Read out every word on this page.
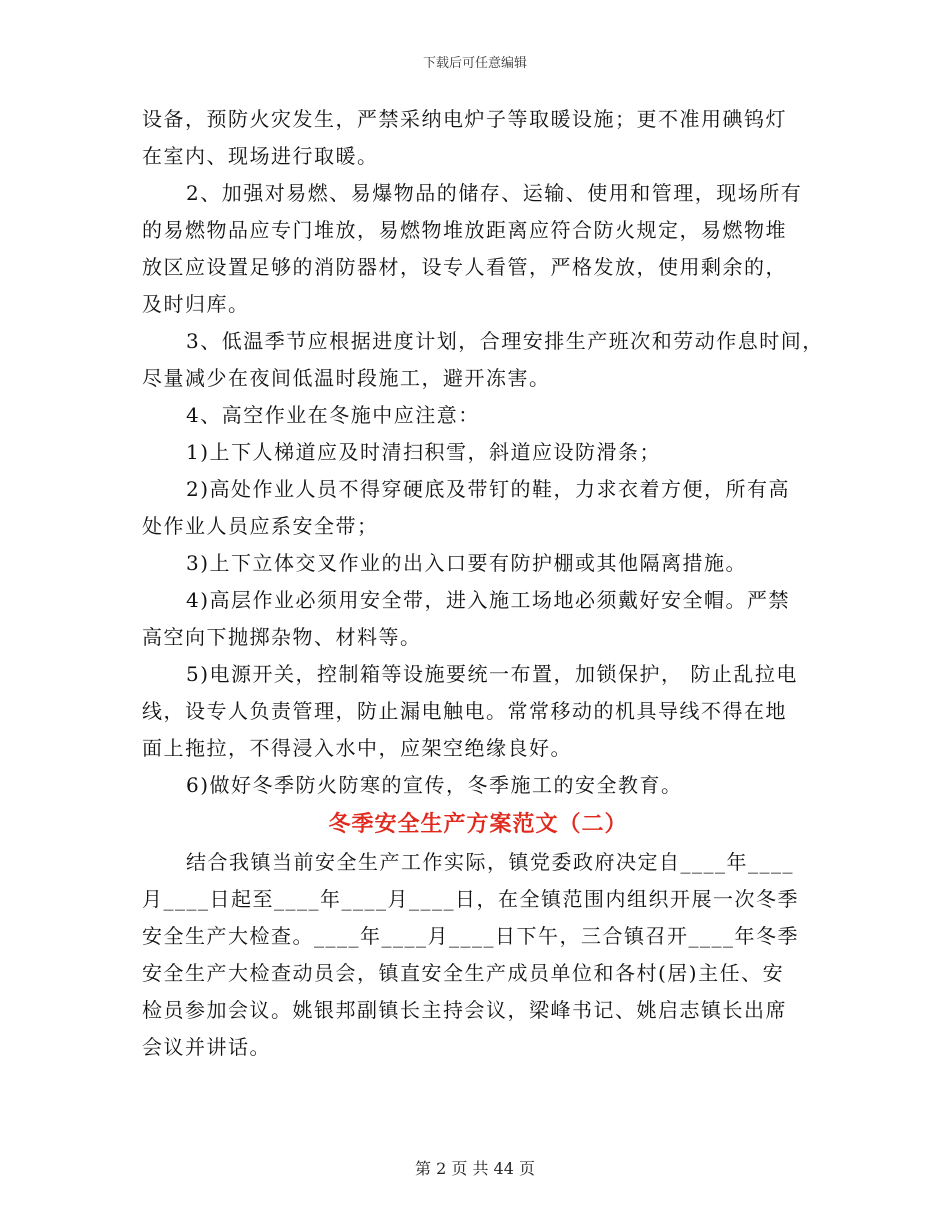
下载后可任意编辑
设备，预防火灾发生，严禁采纳电炉子等取暖设施；更不准用碘钨灯
在室内、现场进行取暖。
2、加强对易燃、易爆物品的储存、运输、使用和管理，现场所有
的易燃物品应专门堆放，易燃物堆放距离应符合防火规定，易燃物堆
放区应设置足够的消防器材，设专人看管，严格发放，使用剩余的，
及时归库。
3、低温季节应根据进度计划，合理安排生产班次和劳动作息时间，
尽量减少在夜间低温时段施工，避开冻害。
4、高空作业在冬施中应注意：
1)上下人梯道应及时清扫积雪，斜道应设防滑条；
2)高处作业人员不得穿硬底及带钉的鞋，力求衣着方便，所有高
处作业人员应系安全带；
3)上下立体交叉作业的出入口要有防护棚或其他隔离措施。
4)高层作业必须用安全带，进入施工场地必须戴好安全帽。严禁
高空向下抛掷杂物、材料等。
5)电源开关，控制箱等设施要统一布置，加锁保护， 防止乱拉电
线，设专人负责管理，防止漏电触电。常常移动的机具导线不得在地
面上拖拉，不得浸入水中，应架空绝缘良好。
6)做好冬季防火防寒的宣传，冬季施工的安全教育。
冬季安全生产方案范文（二）
结合我镇当前安全生产工作实际，镇党委政府决定自____年____
月____日起至____年____月____日，在全镇范围内组织开展一次冬季
安全生产大检查。____年____月____日下午，三合镇召开____年冬季
安全生产大检查动员会，镇直安全生产成员单位和各村(居)主任、安
检员参加会议。姚银邦副镇长主持会议，梁峰书记、姚启志镇长出席
会议并讲话。
第 2 页 共 44 页
